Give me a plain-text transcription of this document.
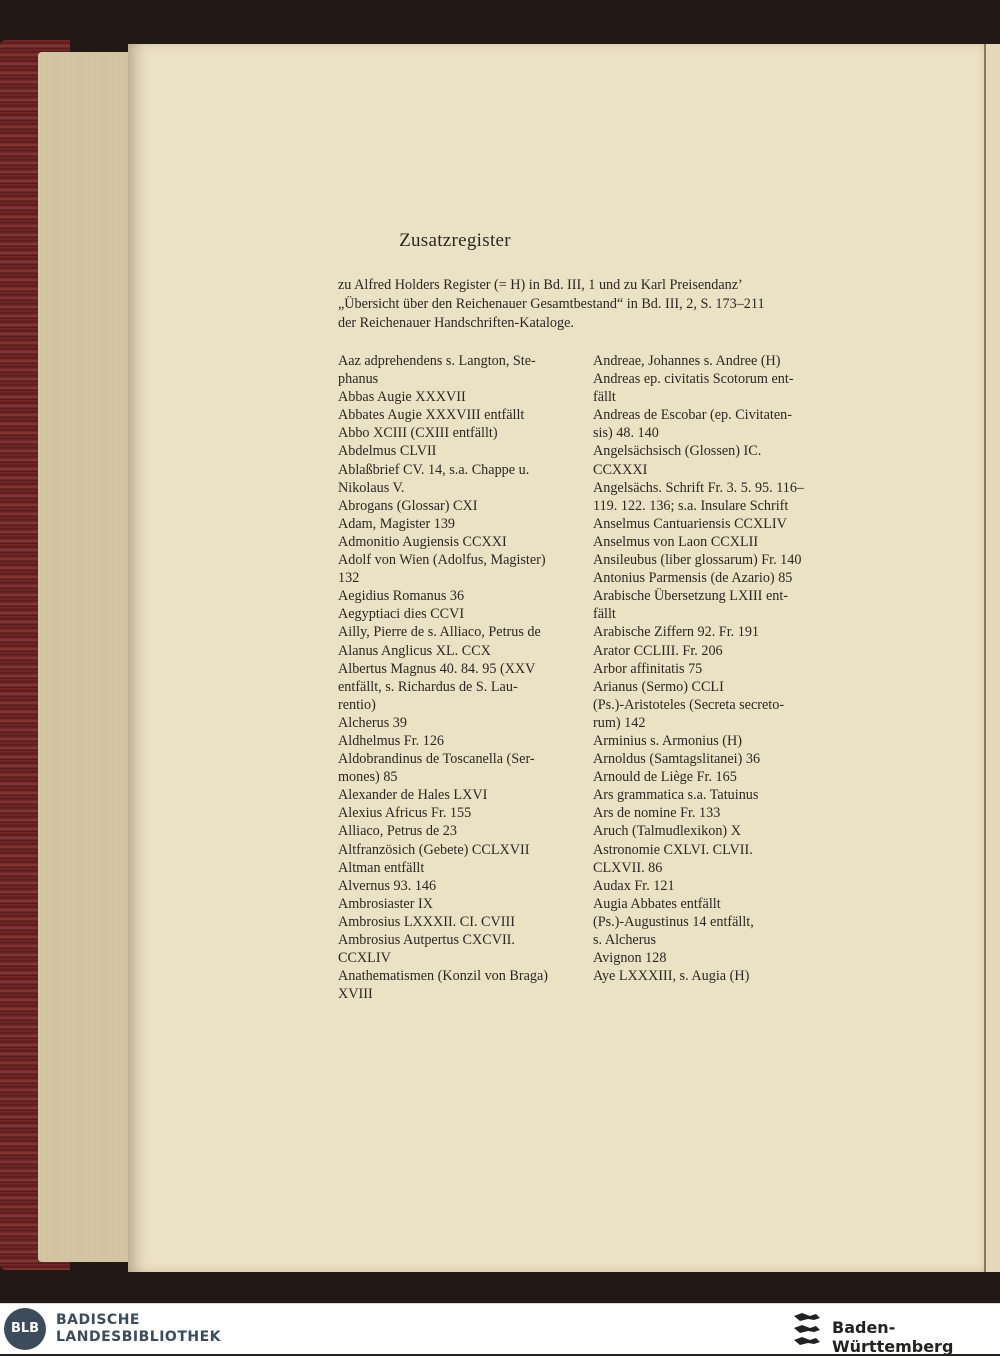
Zusatzregister
zu Alfred Holders Register (= H) in Bd. III, 1 und zu Karl Preisendanz’
„Übersicht über den Reichenauer Gesamtbestand“ in Bd. III, 2, S. 173–211
der Reichenauer Handschriften-Kataloge.
Aaz adprehendens s. Langton, Ste-
phanus
Abbas Augie XXXVII
Abbates Augie XXXVIII entfällt
Abbo XCIII (CXIII entfällt)
Abdelmus CLVII
Ablaßbrief CV. 14, s.a. Chappe u.
Nikolaus V.
Abrogans (Glossar) CXI
Adam, Magister 139
Admonitio Augiensis CCXXI
Adolf von Wien (Adolfus, Magister)
132
Aegidius Romanus 36
Aegyptiaci dies CCVI
Ailly, Pierre de s. Alliaco, Petrus de
Alanus Anglicus XL. CCX
Albertus Magnus 40. 84. 95 (XXV
entfällt, s. Richardus de S. Lau-
rentio)
Alcherus 39
Aldhelmus Fr. 126
Aldobrandinus de Toscanella (Ser-
mones) 85
Alexander de Hales LXVI
Alexius Africus Fr. 155
Alliaco, Petrus de 23
Altfranzösich (Gebete) CCLXVII
Altman entfällt
Alvernus 93. 146
Ambrosiaster IX
Ambrosius LXXXII. CI. CVIII
Ambrosius Autpertus CXCVII.
CCXLIV
Anathematismen (Konzil von Braga)
XVIII
Andreae, Johannes s. Andree (H)
Andreas ep. civitatis Scotorum ent-
fällt
Andreas de Escobar (ep. Civitaten-
sis) 48. 140
Angelsächsisch (Glossen) IC.
CCXXXI
Angelsächs. Schrift Fr. 3. 5. 95. 116–
119. 122. 136; s.a. Insulare Schrift
Anselmus Cantuariensis CCXLIV
Anselmus von Laon CCXLII
Ansileubus (liber glossarum) Fr. 140
Antonius Parmensis (de Azario) 85
Arabische Übersetzung LXIII ent-
fällt
Arabische Ziffern 92. Fr. 191
Arator CCLIII. Fr. 206
Arbor affinitatis 75
Arianus (Sermo) CCLI
(Ps.)-Aristoteles (Secreta secreto-
rum) 142
Arminius s. Armonius (H)
Arnoldus (Samtagslitanei) 36
Arnould de Liège Fr. 165
Ars grammatica s.a. Tatuinus
Ars de nomine Fr. 133
Aruch (Talmudlexikon) X
Astronomie CXLVI. CLVII.
CLXVII. 86
Audax Fr. 121
Augia Abbates entfällt
(Ps.)-Augustinus 14 entfällt,
s. Alcherus
Avignon 128
Aye LXXXIII, s. Augia (H)
BLB
BADISCHE
LANDESBIBLIOTHEK	Baden-Württemberg
